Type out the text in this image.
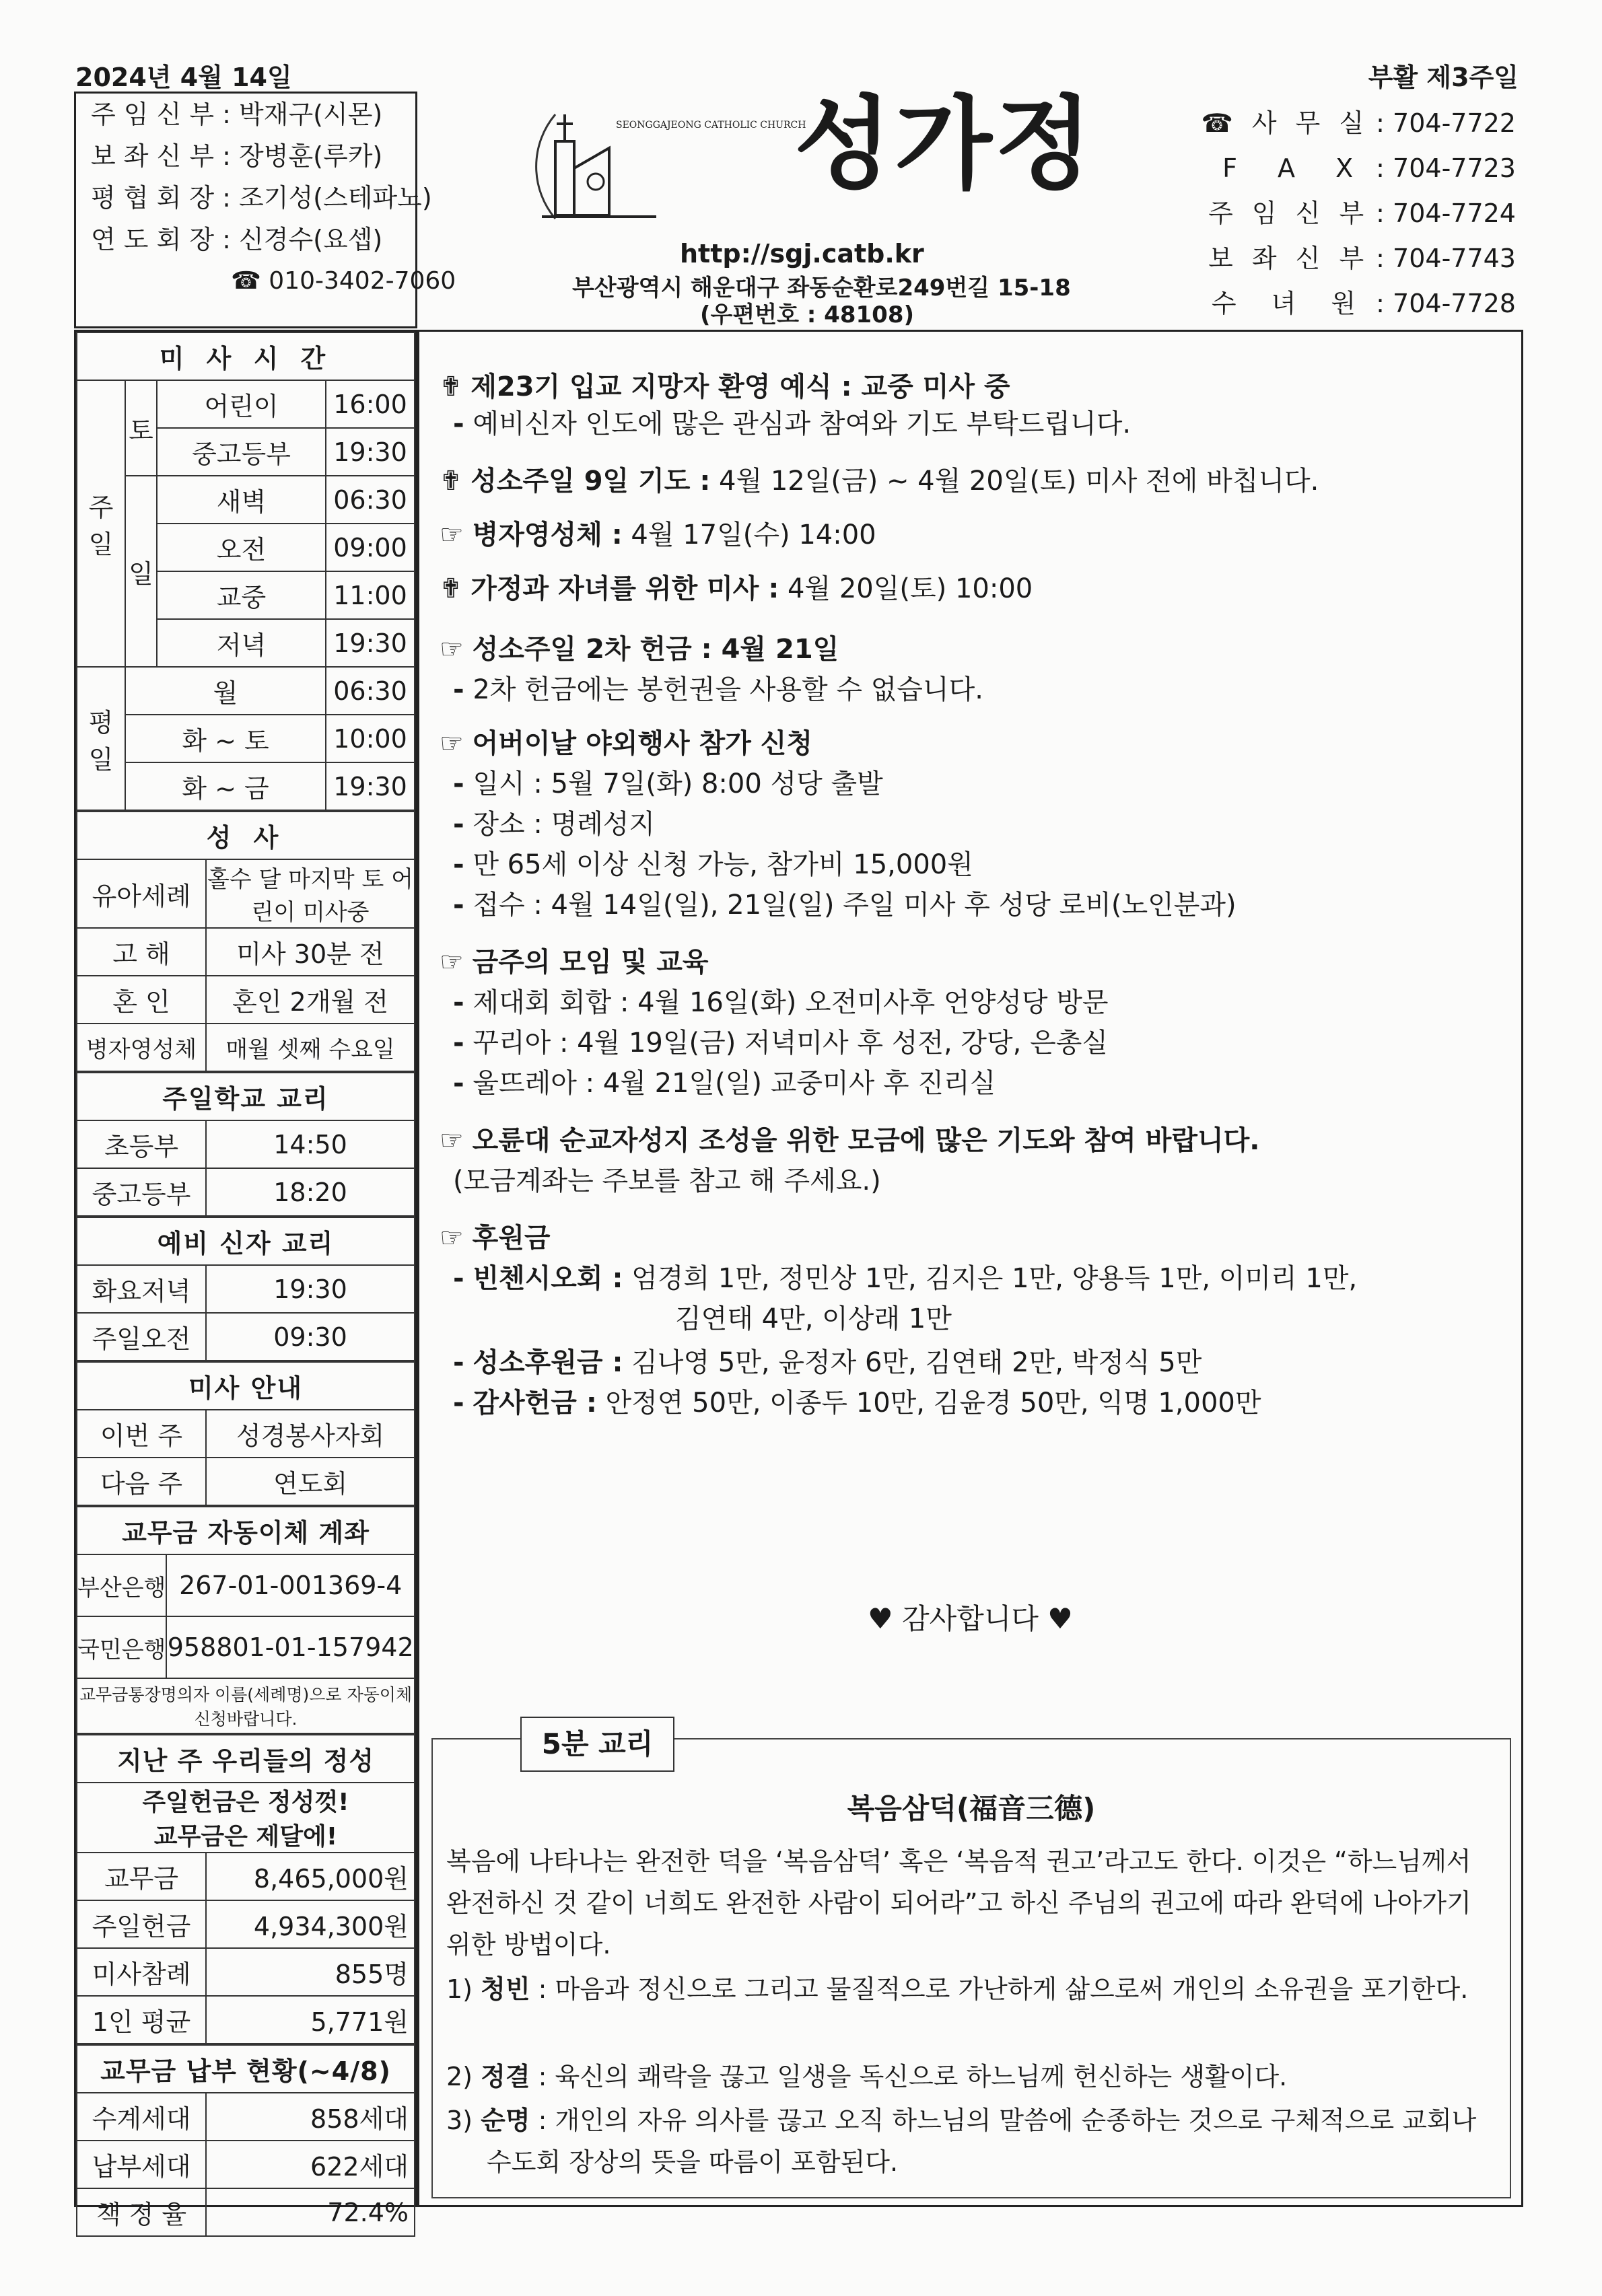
2024년 4월 14일	부활 제3주일
주 임 신 부 : 박재구(시몬)
보 좌 신 부 : 장병훈(루카)
평 협 회 장 : 조기성(스테파노)
연 도 회 장 : 신경수(요셉)
☎ 010-3402-7060
SEONGGAJEONG CATHOLIC CHURCH
성가정
http://sgj.catb.kr
부산광역시 해운대구 좌동순환로249번길 15-18
(우편번호 : 48108)
☎ 사 무 실 : 704-7722
F A X : 704-7723
주 임 신 부 : 704-7724
보 좌 신 부 : 704-7743
수 녀 원 : 704-7728
미 사 시 간			
주일	토	어린이	16:00
		중고등부	19:30
	일	새벽	06:30
		오전	09:00
		교중	11:00
		저녁	19:30
평일	월		06:30
	화 ~ 토		10:00
	화 ~ 금		19:30
성 사	
유아세례	홀수 달 마지막 토 어린이 미사중
고 해	미사 30분 전
혼 인	혼인 2개월 전
병자영성체	매월 셋째 수요일
주일학교 교리	
초등부	14:50
중고등부	18:20
예비 신자 교리	
화요저녁	19:30
주일오전	09:30
미사 안내	
이번 주	성경봉사자회
다음 주	연도회
교무금 자동이체 계좌	
부산은행	267-01-001369-4
국민은행	958801-01-157942
교무금통장명의자 이름(세례명)으로 자동이체 신청바랍니다.	
지난 주 우리들의 정성	

주일헌금은 정성껏!
교무금은 제달에!	

교무금	8,465,000원
주일헌금	4,934,300원
미사참례	855명
1인 평균	5,771원
교무금 납부 현황(~4/8)	
수계세대	858세대
납부세대	622세대
책 정 율	72.4%
✟ 제23기 입교 지망자 환영 예식 : 교중 미사 중
- 예비신자 인도에 많은 관심과 참여와 기도 부탁드립니다.
✟ 성소주일 9일 기도 : 4월 12일(금) ~ 4월 20일(토) 미사 전에 바칩니다.
☞ 병자영성체 : 4월 17일(수) 14:00
✟ 가정과 자녀를 위한 미사 : 4월 20일(토) 10:00
☞ 성소주일 2차 헌금 : 4월 21일
- 2차 헌금에는 봉헌권을 사용할 수 없습니다.
☞ 어버이날 야외행사 참가 신청
- 일시 : 5월 7일(화) 8:00 성당 출발
- 장소 : 명례성지
- 만 65세 이상 신청 가능, 참가비 15,000원
- 접수 : 4월 14일(일), 21일(일) 주일 미사 후 성당 로비(노인분과)
☞ 금주의 모임 및 교육
- 제대회 회합 : 4월 16일(화) 오전미사후 언양성당 방문
- 꾸리아 : 4월 19일(금) 저녁미사 후 성전, 강당, 은총실
- 울뜨레아 : 4월 21일(일) 교중미사 후 진리실
☞ 오륜대 순교자성지 조성을 위한 모금에 많은 기도와 참여 바랍니다.
(모금계좌는 주보를 참고 해 주세요.)
☞ 후원금
- 빈첸시오회 : 엄경희 1만, 정민상 1만, 김지은 1만, 양용득 1만, 이미리 1만,
김연태 4만, 이상래 1만
- 성소후원금 : 김나영 5만, 윤정자 6만, 김연태 2만, 박정식 5만
- 감사헌금 : 안정연 50만, 이종두 10만, 김윤경 50만, 익명 1,000만
♥ 감사합니다 ♥
5분 교리
복음삼덕(福音三德)
복음에 나타나는 완전한 덕을 ‘복음삼덕’ 혹은 ‘복음적 권고’라고도 한다. 이것은 “하느님께서 완전하신 것 같이 너희도 완전한 사람이 되어라”고 하신 주님의 권고에 따라 완덕에 나아가기 위한 방법이다.
1) 청빈 : 마음과 정신으로 그리고 물질적으로 가난하게 삶으로써 개인의 소유권을 포기한다.
2) 정결 : 육신의 쾌락을 끊고 일생을 독신으로 하느님께 헌신하는 생활이다.
3) 순명 : 개인의 자유 의사를 끊고 오직 하느님의 말씀에 순종하는 것으로 구체적으로 교회나 수도회 장상의 뜻을 따름이 포함된다.
